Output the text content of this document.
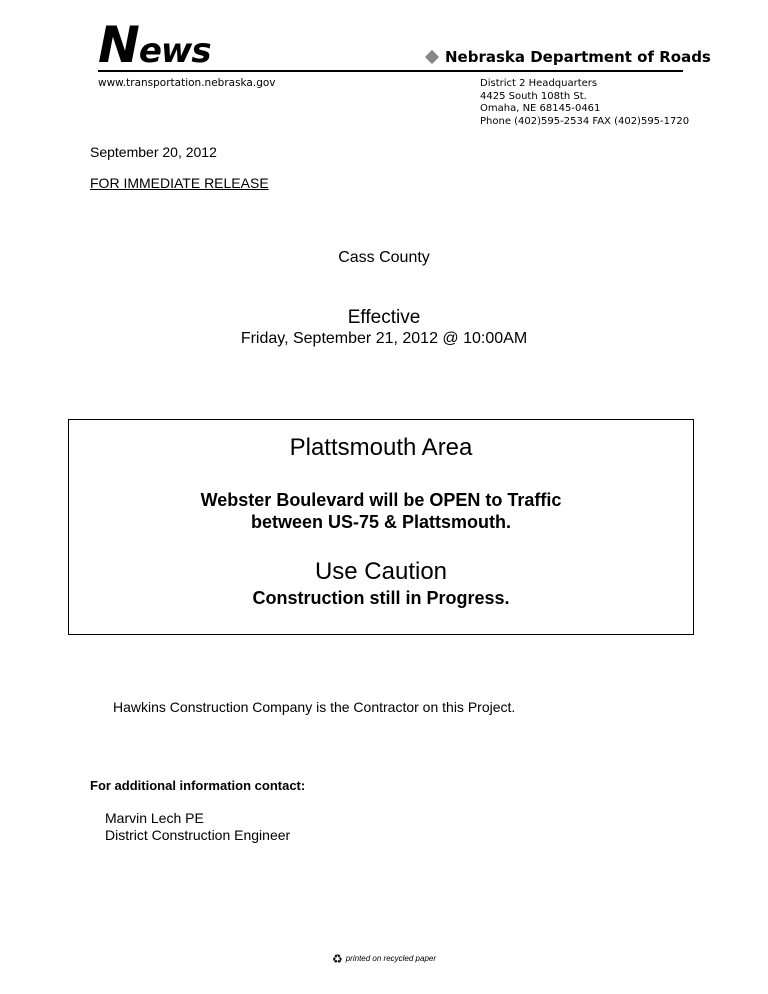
News
www.transportation.nebraska.gov
Nebraska Department of Roads
District 2 Headquarters
4425 South 108th St.
Omaha, NE 68145-0461
Phone (402)595-2534 FAX (402)595-1720
September 20, 2012
FOR IMMEDIATE RELEASE
Cass County
Effective
Friday, September 21, 2012 @ 10:00AM
Plattsmouth Area
Webster Boulevard will be OPEN to Traffic
between US-75 & Plattsmouth.
Use Caution
Construction still in Progress.
Hawkins Construction Company is the Contractor on this Project.
For additional information contact:
Marvin Lech PE
District Construction Engineer
♻ printed on recycled paper
